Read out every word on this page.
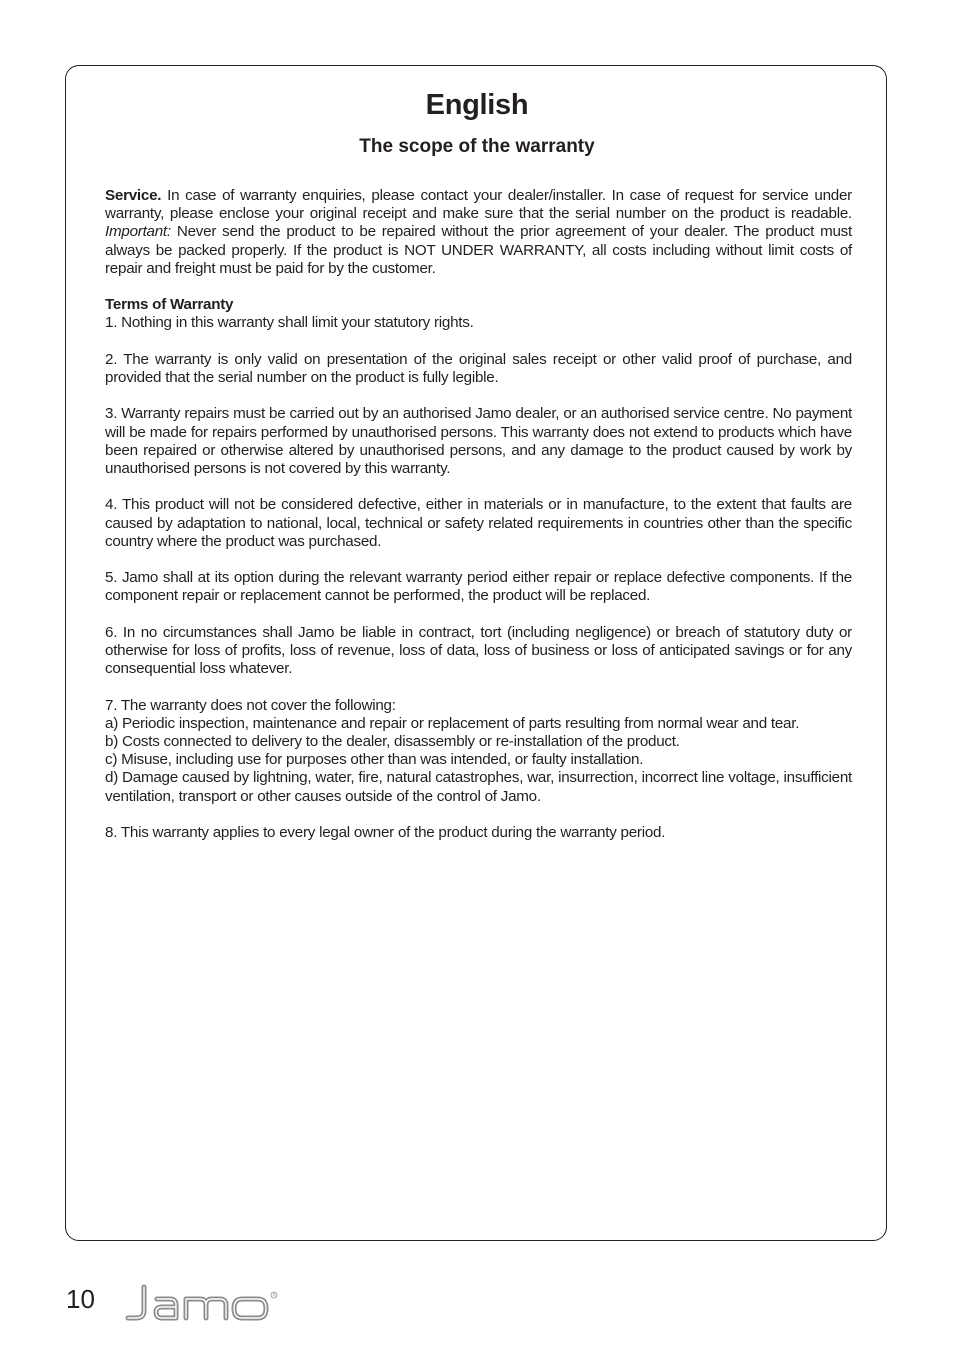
English
The scope of the warranty

Service. In case of warranty enquiries, please contact your dealer/installer. In case of request for service under warranty, please enclose your original receipt and make sure that the serial number on the product is readable. Important: Never send the product to be repaired without the prior agreement of your dealer. The product must always be packed properly. If the product is NOT UNDER WARRANTY, all costs including without limit costs of repair and freight must be paid for by the customer.

Terms of Warranty

1. Nothing in this warranty shall limit your statutory rights.

2. The warranty is only valid on presentation of the original sales receipt or other valid proof of purchase, and provided that the serial number on the product is fully legible.

3. Warranty repairs must be carried out by an authorised Jamo dealer, or an authorised service centre. No payment will be made for repairs performed by unauthorised persons. This warranty does not extend to products which have been repaired or otherwise altered by unauthorised persons, and any damage to the product caused by work by unauthorised persons is not covered by this warranty.

4. This product will not be considered defective, either in materials or in manufacture, to the extent that faults are caused by adaptation to national, local, technical or safety related requirements in countries other than the specific country where the product was purchased.

5. Jamo shall at its option during the relevant warranty period either repair or replace defective components. If the component repair or replacement cannot be performed, the product will be replaced.

6. In no circumstances shall Jamo be liable in contract, tort (including negligence) or breach of statutory duty or otherwise for loss of profits, loss of revenue, loss of data, loss of business or loss of anticipated savings or for any consequential loss whatever.

7. The warranty does not cover the following:

a) Periodic inspection, maintenance and repair or replacement of parts resulting from normal wear and tear.

b) Costs connected to delivery to the dealer, disassembly or re-installation of the product.

c) Misuse, including use for purposes other than was intended, or faulty installation.

d) Damage caused by lightning, water, fire, natural catastrophes, war, insurrection, incorrect line voltage, insufficient ventilation, transport or other causes outside of the control of Jamo.

8. This warranty applies to every legal owner of the product during the warranty period.

10	R
